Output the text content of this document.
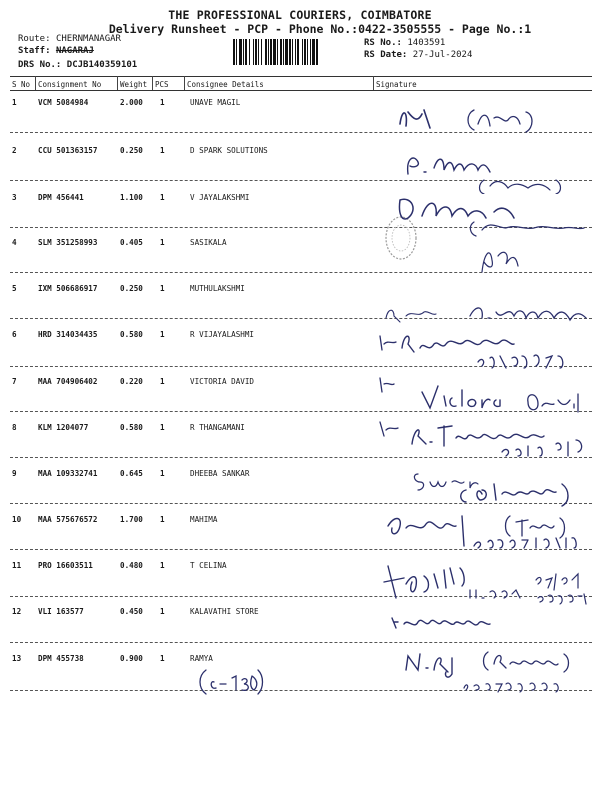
THE PROFESSIONAL COURIERS, COIMBATORE
Delivery Runsheet - PCP - Phone No.:0422-3505555 - Page No.:1
Route: CHERNMANAGAR
Staff: NAGARAJ
DRS No.: DCJB140359101
RS No.: 1403591
RS Date: 27-Jul-2024
S No Consignment No	Weight PCS Consignee Details	Signature
1	VCM 5084984	2.000 1	UNAVE MAGIL
2	CCU 501363157	0.250 1	D SPARK SOLUTIONS
3	DPM 456441	1.100 1	V JAYALAKSHMI
4	SLM 351258993	0.405 1	SASIKALA
5	IXM 506686917	0.250 1	MUTHULAKSHMI
6	HRD 314034435	0.580 1	R VIJAYALASHMI
7	MAA 704906402	0.220 1	VICTORIA DAVID
8	KLM 1204077	0.580 1	R THANGAMANI
9	MAA 109332741	0.645 1	DHEEBA SANKAR
10 MAA 575676572	1.700 1	MAHIMA
11 PRO 16603511	0.480 1	T CELINA
12 VLI 163577	0.450 1	KALAVATHI STORE
13 DPM 455738	0.900 1	RAMYA
